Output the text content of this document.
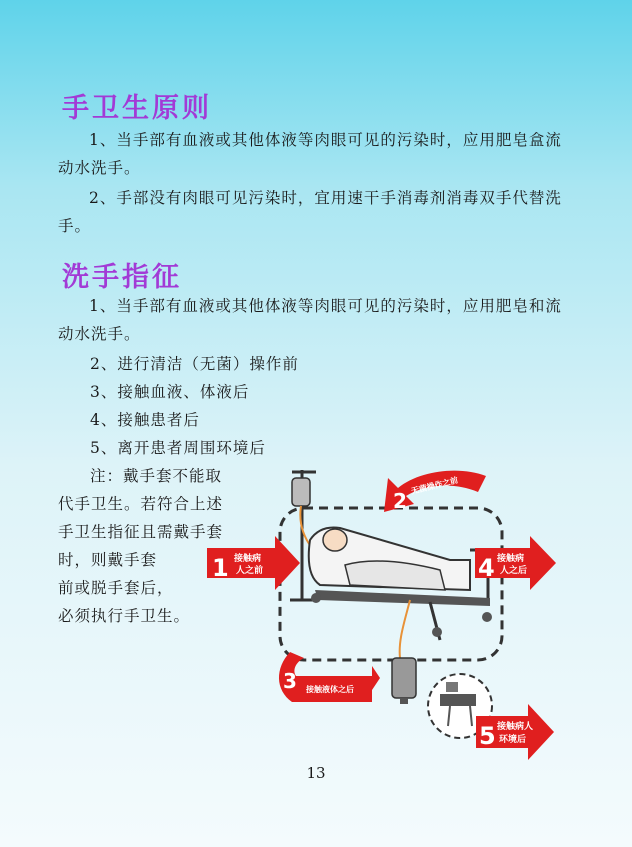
手卫生原则

1、当手部有血液或其他体液等肉眼可见的污染时，应用肥皂盒流动水洗手。

2、手部没有肉眼可见污染时，宜用速干手消毒剂消毒双手代替洗手。

洗手指征

1、当手部有血液或其他体液等肉眼可见的污染时，应用肥皂和流动水洗手。

2、进行清洁（无菌）操作前

3、接触血液、体液后

4、接触患者后

5、离开患者周围环境后

注：戴手套不能取

代手卫生。若符合上述

手卫生指征且需戴手套

时，则戴手套

前或脱手套后，

必须执行手卫生。

1 接触病
人之前	4 接触病
人之后
2
无菌操作之前
3 接触液体之后
5 接触病人
环境后
13
